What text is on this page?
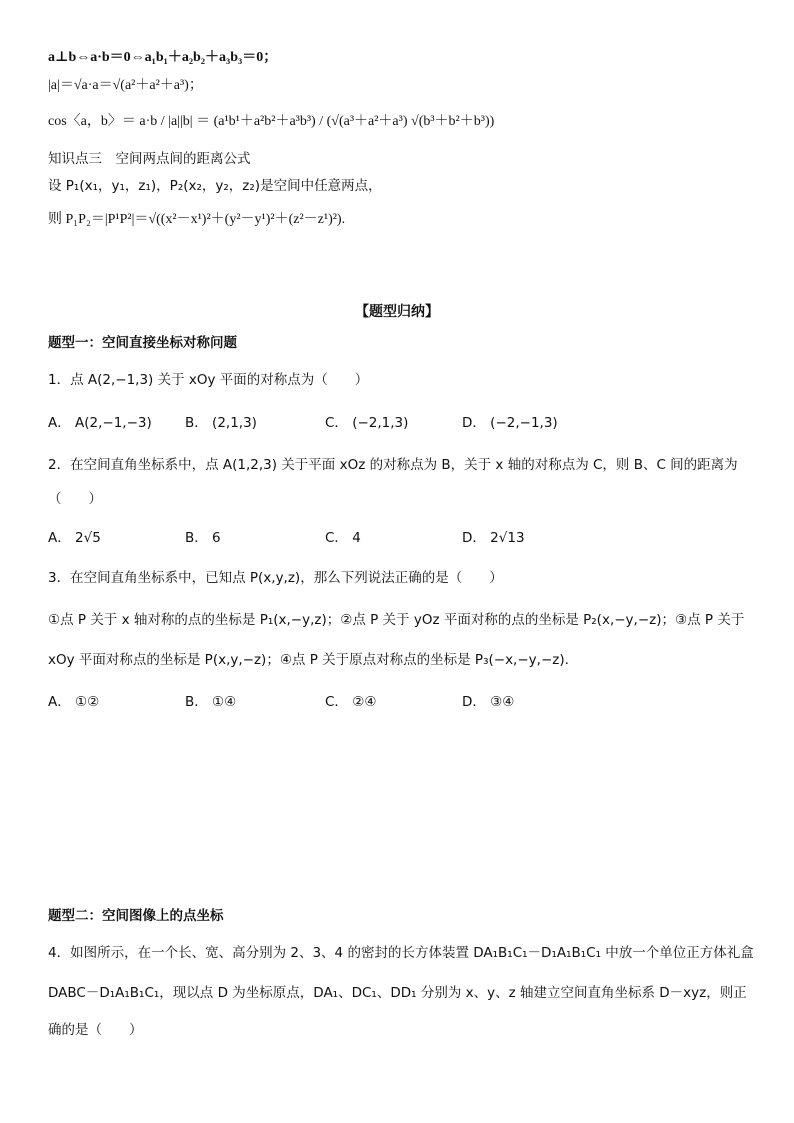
a⊥b⇔a·b＝0⇔a₁b₁＋a₂b₂＋a₃b₃＝0；
|a|＝√a·a＝√(a²＋a²＋a³)；
cos〈a，b〉＝ a·b / |a||b| ＝ (a¹b¹＋a²b²＋a³b³) / (√(a³＋a²＋a³) √(b³＋b²＋b³))
知识点三　空间两点间的距离公式
设 P₁(x₁，y₁，z₁)，P₂(x₂，y₂，z₂)是空间中任意两点，
则 P₁P₂＝|P¹P²|＝√((x²－x¹)²＋(y²－y¹)²＋(z²－z¹)²).
【题型归纳】
题型一：空间直接坐标对称问题
1．点 A(2,−1,3) 关于 xOy 平面的对称点为（　　）
A． A(2,−1,−3) B． (2,1,3)	C． (−2,1,3)	D． (−2,−1,3)
2．在空间直角坐标系中，点 A(1,2,3) 关于平面 xOz 的对称点为 B，关于 x 轴的对称点为 C，则 B、C 间的距离为
（　　）
A． 2√5	B． 6	C． 4	D． 2√13
3．在空间直角坐标系中，已知点 P(x,y,z)，那么下列说法正确的是（　　）
①点 P 关于 x 轴对称的点的坐标是 P₁(x,−y,z)；②点 P 关于 yOz 平面对称的点的坐标是 P₂(x,−y,−z)；③点 P 关于
xOy 平面对称点的坐标是 P(x,y,−z)；④点 P 关于原点对称点的坐标是 P₃(−x,−y,−z).
A． ①②	B． ①④	C． ②④	D． ③④
题型二：空间图像上的点坐标
4．如图所示，在一个长、宽、高分别为 2、3、4 的密封的长方体装置 DA₁B₁C₁－D₁A₁B₁C₁ 中放一个单位正方体礼盒
DABC－D₁A₁B₁C₁，现以点 D 为坐标原点，DA₁、DC₁、DD₁ 分别为 x、y、z 轴建立空间直角坐标系 D－xyz，则正
确的是（　　）
